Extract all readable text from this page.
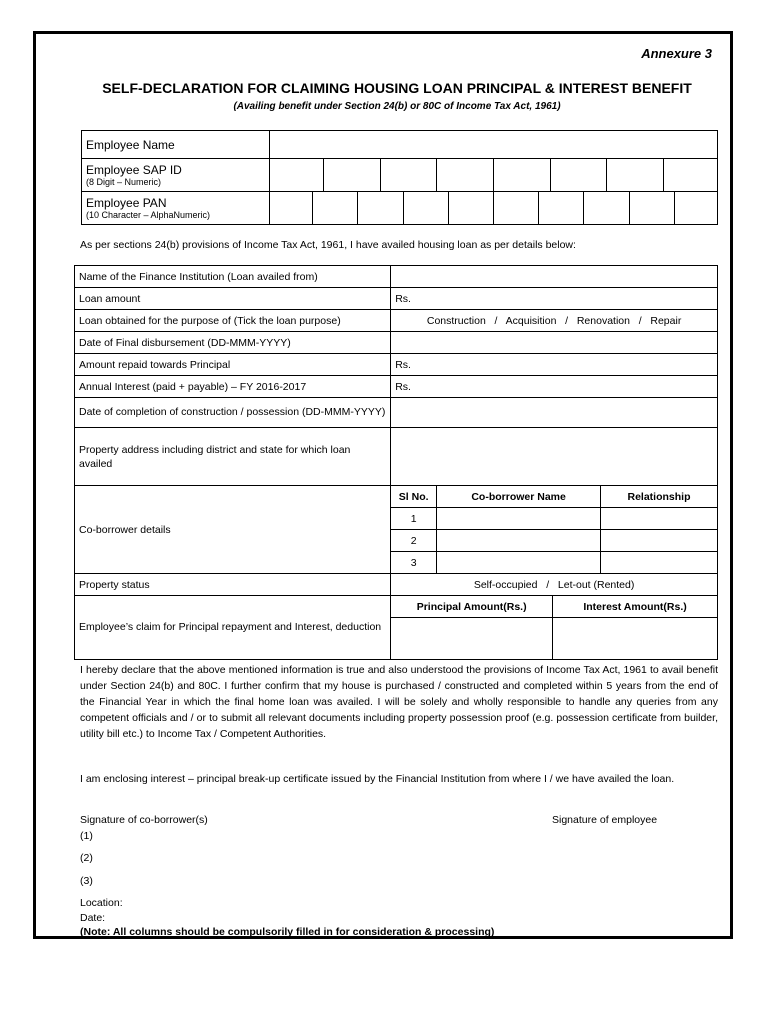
Annexure 3
SELF-DECLARATION FOR CLAIMING HOUSING LOAN PRINCIPAL & INTEREST BENEFIT
(Availing benefit under Section 24(b) or 80C of Income Tax Act, 1961)
Employee Name	
Employee SAP ID
(8 Digit – Numeric)

Employee PAN
(10 Character – AlphaNumeric)

As per sections 24(b) provisions of Income Tax Act, 1961, I have availed housing loan as per details below:
Name of the Finance Institution (Loan availed from)				
Loan amount	Rs.			
Loan obtained for the purpose of (Tick the loan purpose)	Construction   /   Acquisition   /   Renovation   /   Repair			
Date of Final disbursement (DD-MMM-YYYY)				
Amount repaid towards Principal	Rs.			
Annual Interest (paid + payable) – FY 2016-2017	Rs.			
Date of completion of construction / possession (DD-MMM-YYYY)				
Property address including district and state for which loan availed				
Co-borrower details	Sl No.	Co-borrower Name		Relationship
	1			
	2			
	3			
Property status	Self-occupied   /   Let-out (Rented)			
Employee’s claim for Principal repayment and Interest, deduction	Principal Amount(Rs.)		Interest Amount(Rs.)	

I hereby declare that the above mentioned information is true and also understood the provisions of Income Tax Act, 1961 to avail benefit under Section 24(b) and 80C. I further confirm that my house is purchased / constructed and completed within 5 years from the end of the Financial Year in which the final home loan was availed. I will be solely and wholly responsible to handle any queries from any competent officials and / or to submit all relevant documents including property possession proof (e.g. possession certificate from builder, utility bill etc.) to Income Tax / Competent Authorities.
I am enclosing interest – principal break-up certificate issued by the Financial Institution from where I / we have availed the loan.
Signature of co-borrower(s)	Signature of employee
(1)
(2)
(3)
Location:
Date:
(Note: All columns should be compulsorily filled in for consideration & processing)
